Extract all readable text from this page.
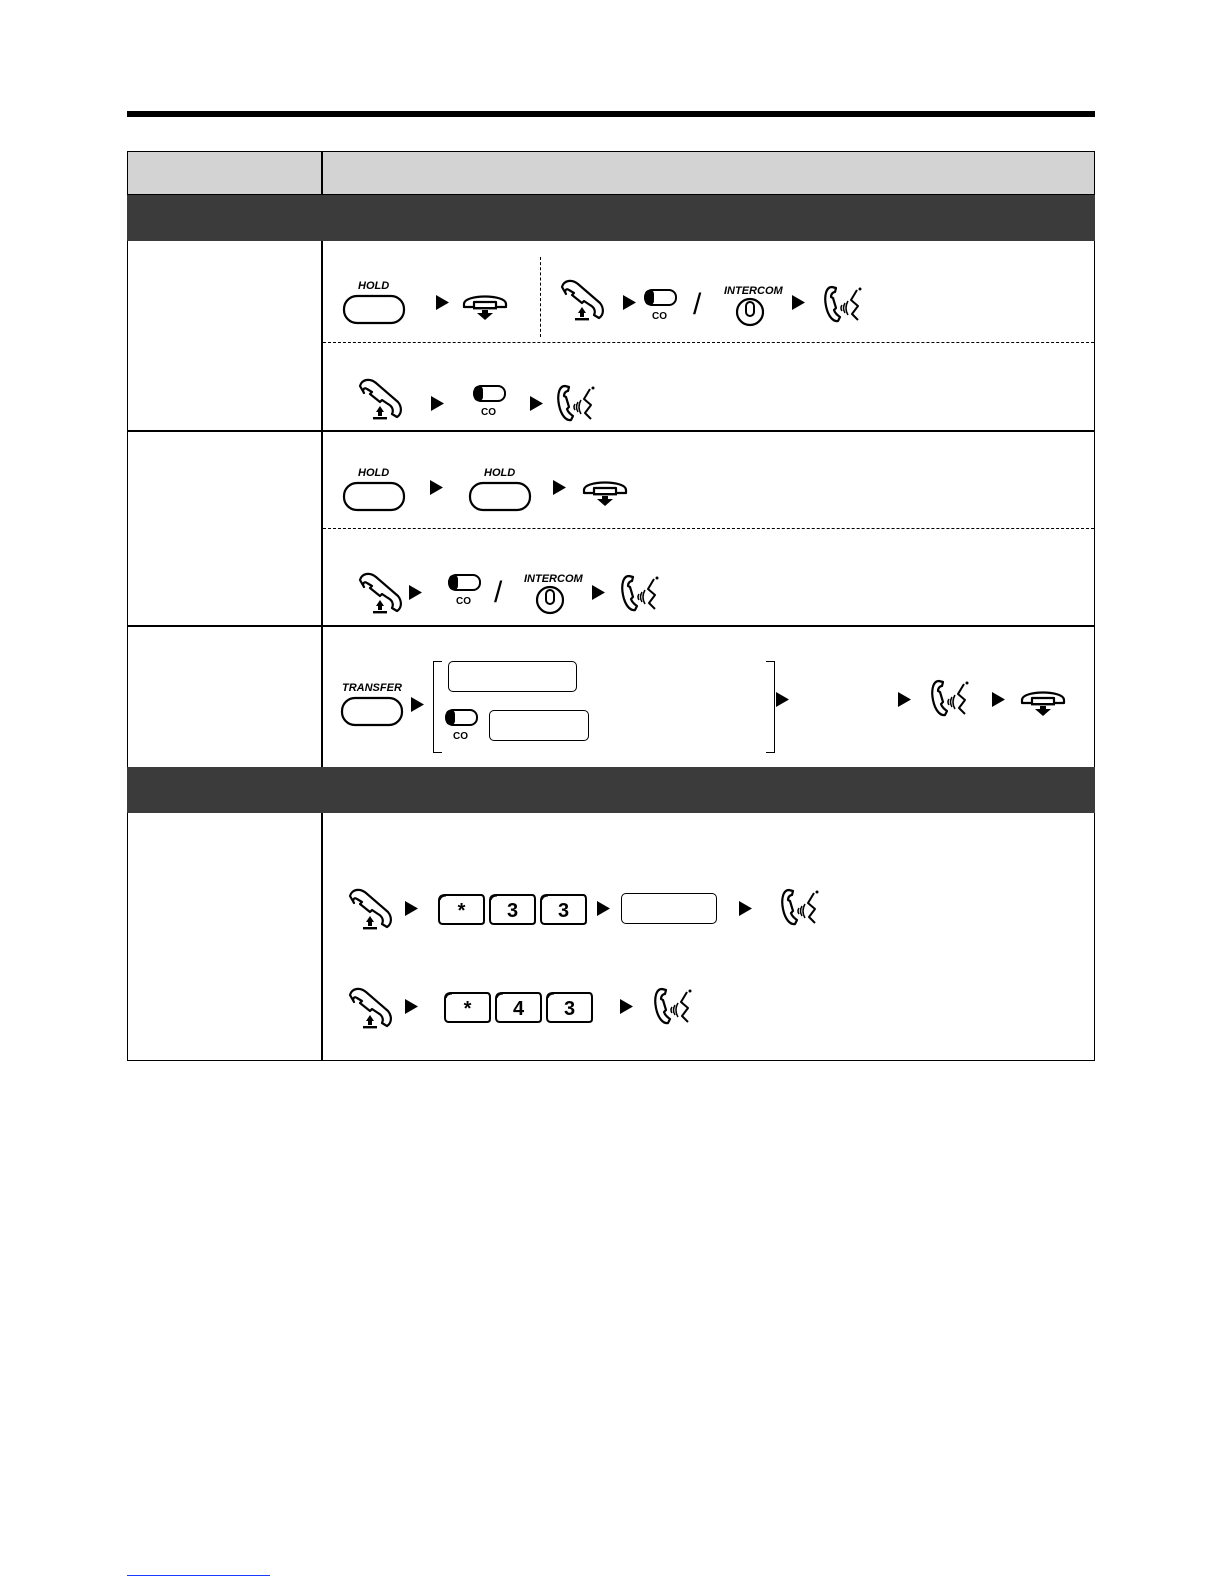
HOLD
CO / INTERCOM
CO
HOLD	HOLD
CO / INTERCOM
TRANSFER
CO
* 3 3
* 4 3
